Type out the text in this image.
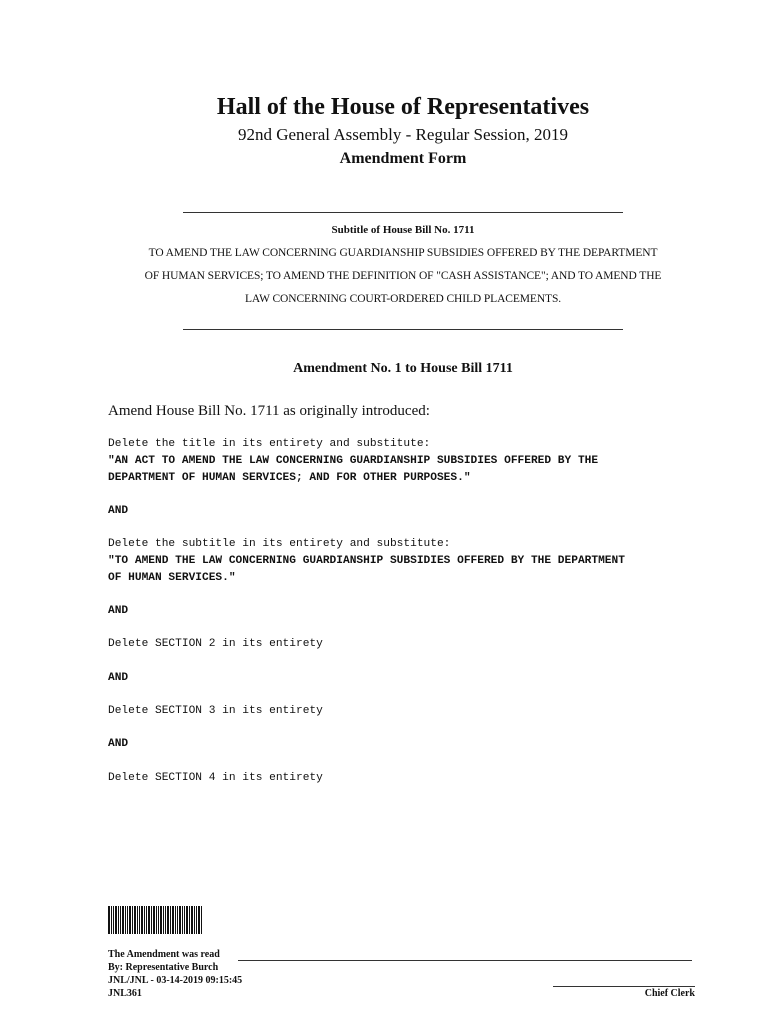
Hall of the House of Representatives
92nd General Assembly - Regular Session, 2019
Amendment Form
Subtitle of House Bill No. 1711
TO AMEND THE LAW CONCERNING GUARDIANSHIP SUBSIDIES OFFERED BY THE DEPARTMENT
OF HUMAN SERVICES; TO AMEND THE DEFINITION OF "CASH ASSISTANCE"; AND TO AMEND THE
LAW CONCERNING COURT-ORDERED CHILD PLACEMENTS.
Amendment No. 1 to House Bill 1711
Amend House Bill No. 1711 as originally introduced:
Delete the title in its entirety and substitute:
"AN ACT TO AMEND THE LAW CONCERNING GUARDIANSHIP SUBSIDIES OFFERED BY THE
DEPARTMENT OF HUMAN SERVICES; AND FOR OTHER PURPOSES."
AND
Delete the subtitle in its entirety and substitute:
"TO AMEND THE LAW CONCERNING GUARDIANSHIP SUBSIDIES OFFERED BY THE DEPARTMENT
OF HUMAN SERVICES."
AND
Delete SECTION 2 in its entirety
AND
Delete SECTION 3 in its entirety
AND
Delete SECTION 4 in its entirety
The Amendment was read
By: Representative Burch
JNL/JNL - 03-14-2019 09:15:45
JNL361	Chief Clerk
